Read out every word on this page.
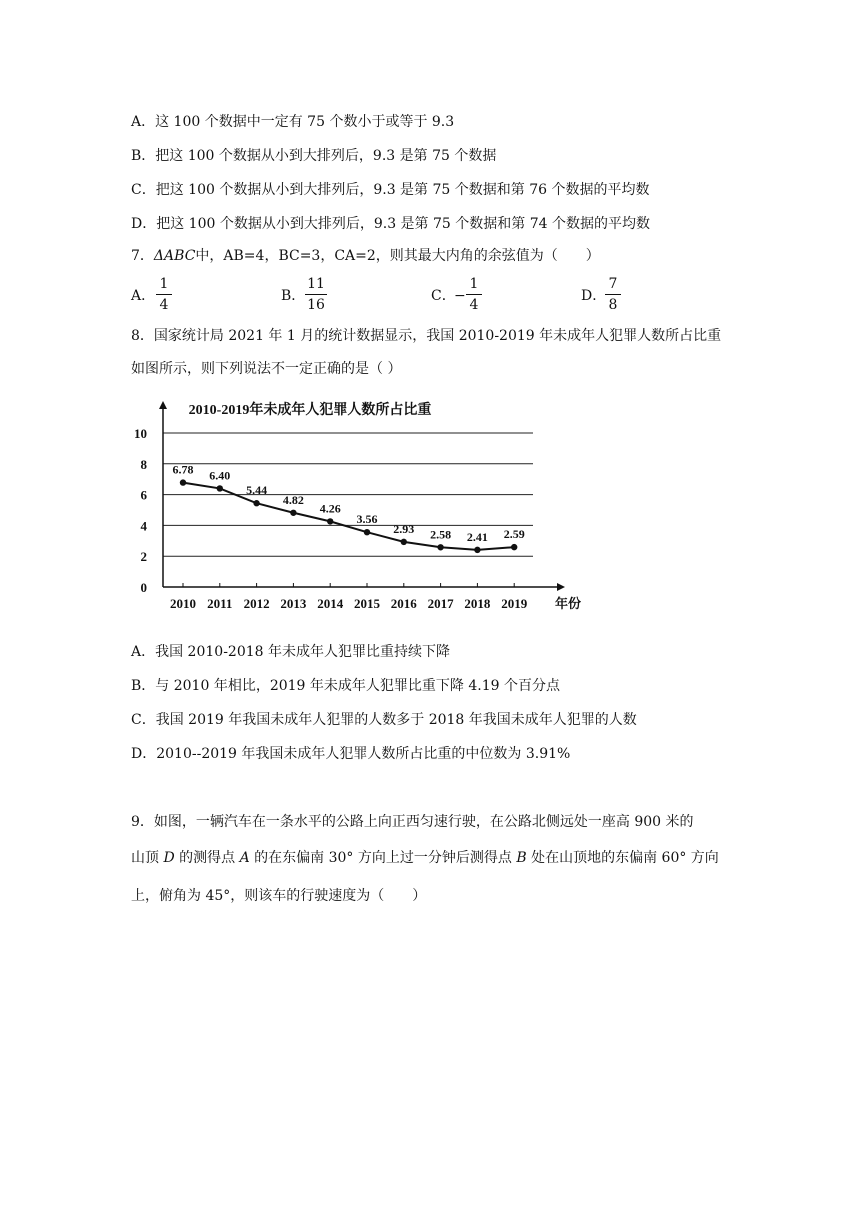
A．这 100 个数据中一定有 75 个数小于或等于 9.3
B．把这 100 个数据从小到大排列后，9.3 是第 75 个数据
C．把这 100 个数据从小到大排列后，9.3 是第 75 个数据和第 76 个数据的平均数
D．把这 100 个数据从小到大排列后，9.3 是第 75 个数据和第 74 个数据的平均数
7．ΔABC中，AB=4，BC=3，CA=2，则其最大内角的余弦值为（　　）
A．
1
4
B．
11
16
C．
−
1
4
D．
7
8
8．国家统计局 2021 年 1 月的统计数据显示，我国 2010-2019 年未成年人犯罪人数所占比重
如图所示，则下列说法不一定正确的是（ ）
2010-2019年未成年人犯罪人数所占比重
0
2
4
6
8
10
2010 2011 2012 2013 2014 2015 2016 2017 2018 2019
6.78 6.40
5.44
4.82
4.26
3.56
2.93 2.58 2.41 2.59
年份
A．我国 2010-2018 年未成年人犯罪比重持续下降
B．与 2010 年相比，2019 年未成年人犯罪比重下降 4.19 个百分点
C．我国 2019 年我国未成年人犯罪的人数多于 2018 年我国未成年人犯罪的人数
D．2010--2019 年我国未成年人犯罪人数所占比重的中位数为 3.91%
9．如图，一辆汽车在一条水平的公路上向正西匀速行驶，在公路北侧远处一座高 900 米的
山顶 D 的测得点 A 的在东偏南 30° 方向上过一分钟后测得点 B 处在山顶地的东偏南 60° 方向
上，俯角为 45°，则该车的行驶速度为（　　）
